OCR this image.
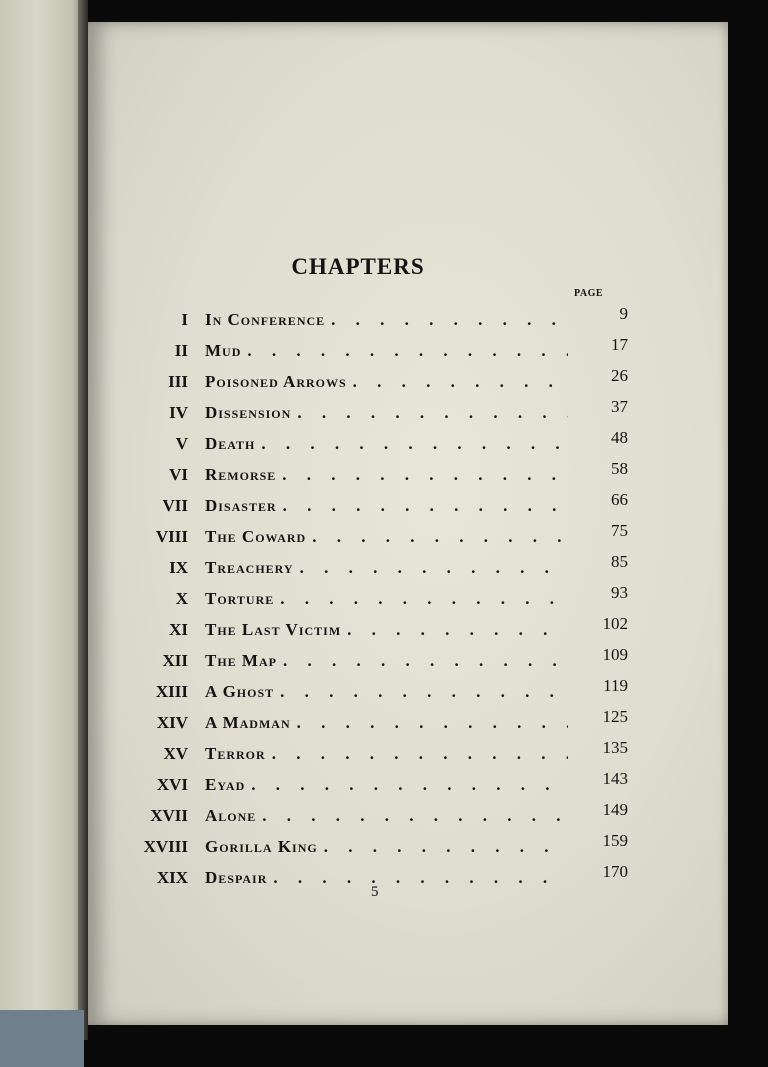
CHAPTERS
PAGE
I In Conference . . .	9
II Mud . . .	17
III Poisoned Arrows . . .	26
IV Dissension . . .	37
V Death . . .	48
VI Remorse . . .	58
VII Disaster . . .	66
VIII The Coward . . .	75
IX Treachery . . .	85
X Torture . . .	93
XI The Last Victim . . .	102
XII The Map . . .	109
XIII A Ghost . . .	119
XIV A Madman . . .	125
XV Terror . . .	135
XVI Eyad . . .	143
XVII Alone . . .	149
XVIII Gorilla King . . .	159
XIX Despair . . .	170
5
